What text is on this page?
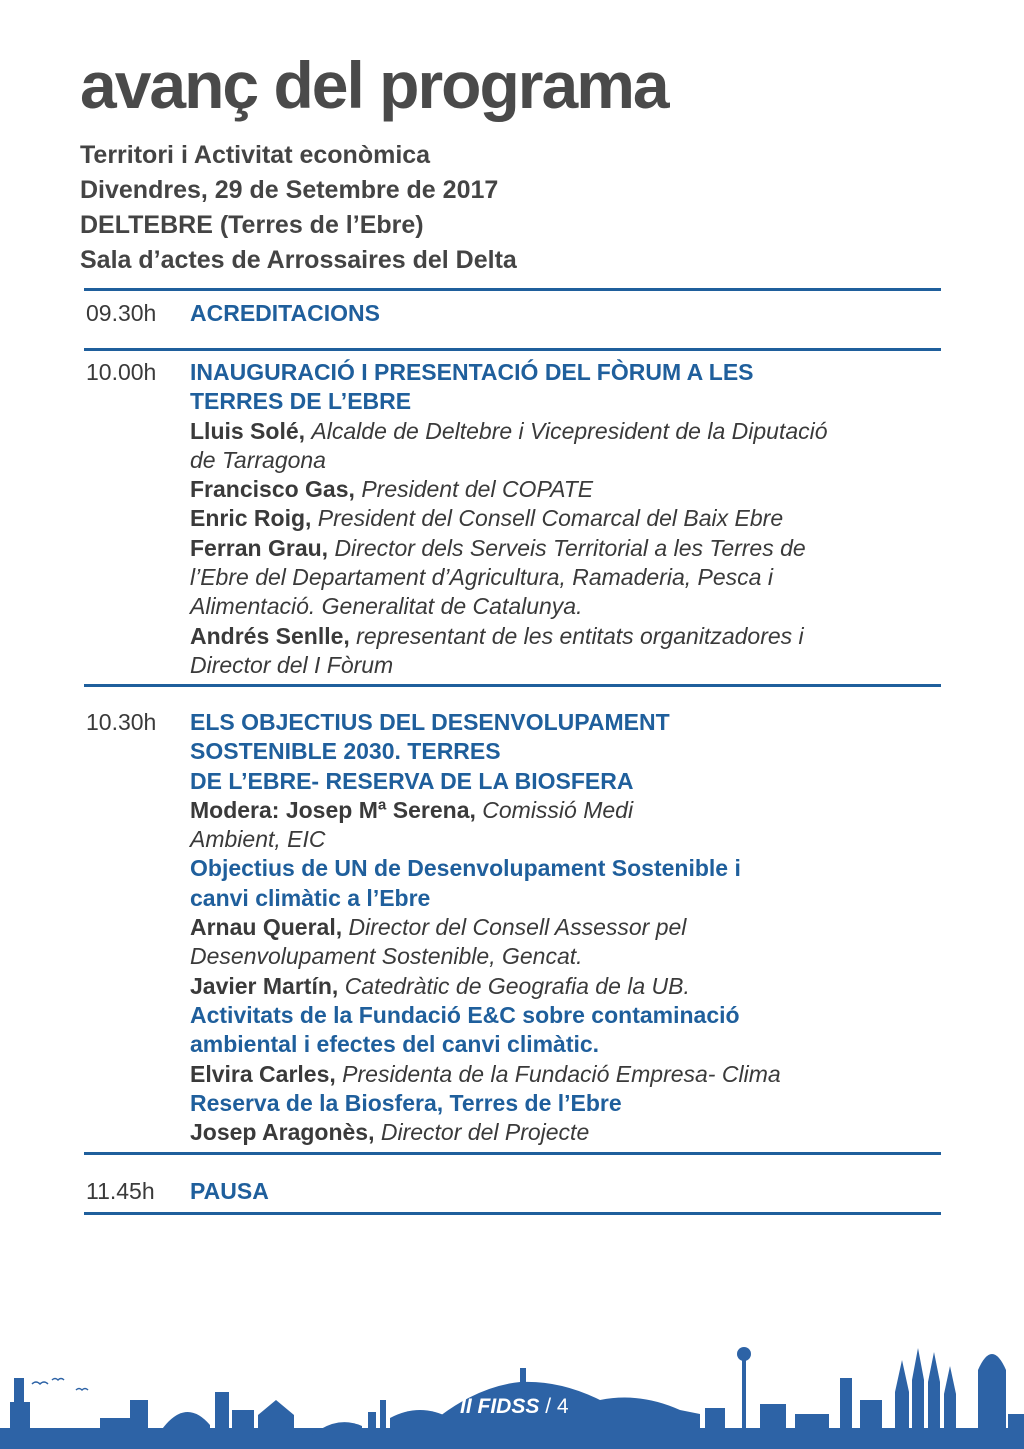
avanç del programa
Territori i Activitat econòmica
Divendres, 29 de Setembre de 2017
DELTEBRE (Terres de l’Ebre)
Sala d’actes de Arrossaires del Delta
09.30h ACREDITACIONS
10.00h INAUGURACIÓ I PRESENTACIÓ DEL FÒRUM A LES
TERRES DE L’EBRE
Lluis Solé, Alcalde de Deltebre i Vicepresident de la Diputació
de Tarragona
Francisco Gas, President del COPATE
Enric Roig, President del Consell Comarcal del Baix Ebre
Ferran Grau, Director dels Serveis Territorial a les Terres de
l’Ebre del Departament d’Agricultura, Ramaderia, Pesca i
Alimentació. Generalitat de Catalunya.
Andrés Senlle, representant de les entitats organitzadores i
Director del I Fòrum
10.30h ELS OBJECTIUS DEL DESENVOLUPAMENT
SOSTENIBLE 2030. TERRES
DE L’EBRE- RESERVA DE LA BIOSFERA
Modera: Josep Mª Serena, Comissió Medi
Ambient, EIC
Objectius de UN de Desenvolupament Sostenible i
canvi climàtic a l’Ebre
Arnau Queral, Director del Consell Assessor pel
Desenvolupament Sostenible, Gencat.
Javier Martín, Catedràtic de Geografia de la UB.
Activitats de la Fundació E&C sobre contaminació
ambiental i efectes del canvi climàtic.
Elvira Carles, Presidenta de la Fundació Empresa- Clima
Reserva de la Biosfera, Terres de l’Ebre
Josep Aragonès, Director del Projecte
11.45h PAUSA
II FIDSS / 4
